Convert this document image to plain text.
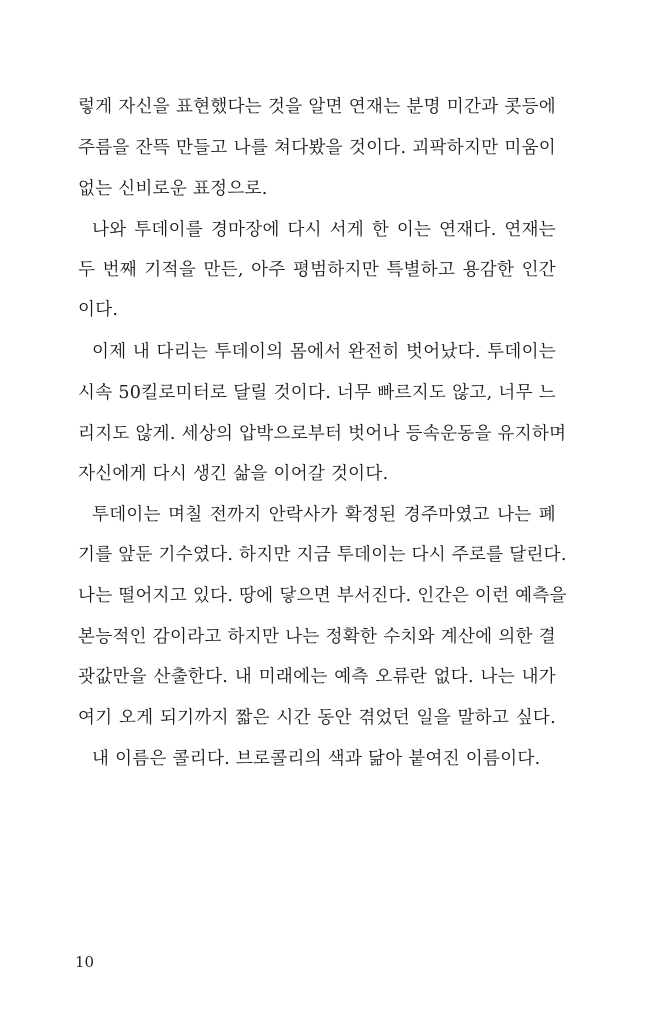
렇게 자신을 표현했다는 것을 알면 연재는 분명 미간과 콧등에
주름을 잔뜩 만들고 나를 쳐다봤을 것이다. 괴팍하지만 미움이
없는 신비로운 표정으로.
나와 투데이를 경마장에 다시 서게 한 이는 연재다. 연재는
두 번째 기적을 만든, 아주 평범하지만 특별하고 용감한 인간
이다.
이제 내 다리는 투데이의 몸에서 완전히 벗어났다. 투데이는
시속 50킬로미터로 달릴 것이다. 너무 빠르지도 않고, 너무 느
리지도 않게. 세상의 압박으로부터 벗어나 등속운동을 유지하며
자신에게 다시 생긴 삶을 이어갈 것이다.
투데이는 며칠 전까지 안락사가 확정된 경주마였고 나는 폐
기를 앞둔 기수였다. 하지만 지금 투데이는 다시 주로를 달린다.
나는 떨어지고 있다. 땅에 닿으면 부서진다. 인간은 이런 예측을
본능적인 감이라고 하지만 나는 정확한 수치와 계산에 의한 결
괏값만을 산출한다. 내 미래에는 예측 오류란 없다. 나는 내가
여기 오게 되기까지 짧은 시간 동안 겪었던 일을 말하고 싶다.
내 이름은 콜리다. 브로콜리의 색과 닮아 붙여진 이름이다.
10
